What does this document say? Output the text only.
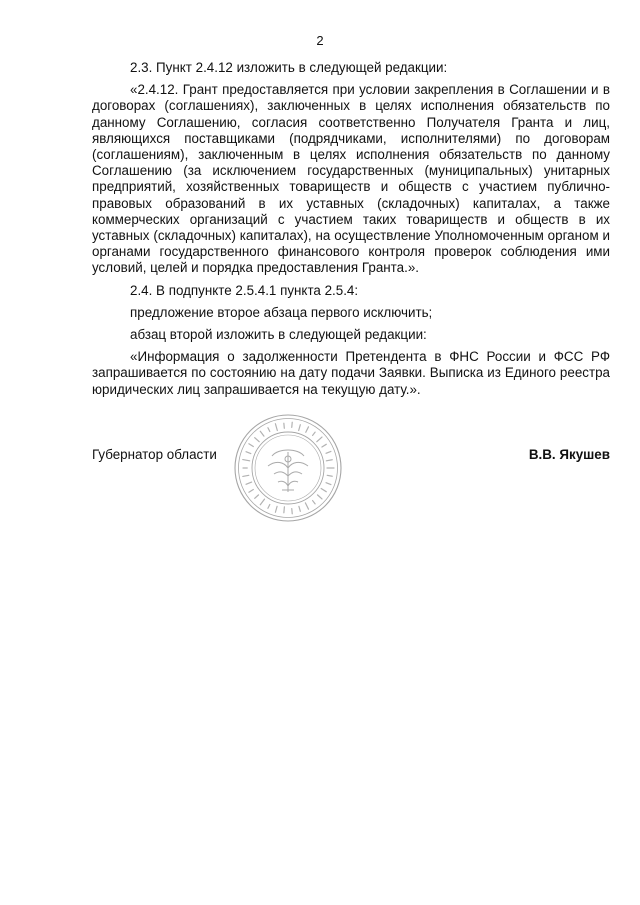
2

2.3. Пункт 2.4.12 изложить в следующей редакции:

«2.4.12. Грант предоставляется при условии закрепления в Соглашении и в договорах (соглашениях), заключенных в целях исполнения обязательств по данному Соглашению, согласия соответственно Получателя Гранта и лиц, являющихся поставщиками (подрядчиками, исполнителями) по договорам (соглашениям), заключенным в целях исполнения обязательств по данному Соглашению (за исключением государственных (муниципальных) унитарных предприятий, хозяйственных товариществ и обществ с участием публично-правовых образований в их уставных (складочных) капиталах, а также коммерческих организаций с участием таких товариществ и обществ в их уставных (складочных) капиталах), на осуществление Уполномоченным органом и органами государственного финансового контроля проверок соблюдения ими условий, целей и порядка предоставления Гранта.».

2.4. В подпункте 2.5.4.1 пункта 2.5.4:

предложение второе абзаца первого исключить;

абзац второй изложить в следующей редакции:

«Информация о задолженности Претендента в ФНС России и ФСС РФ запрашивается по состоянию на дату подачи Заявки. Выписка из Единого реестра юридических лиц запрашивается на текущую дату.».

Губернатор области	В.В. Якушев
